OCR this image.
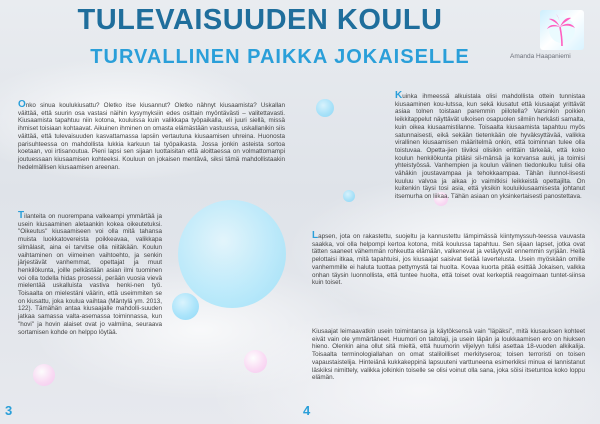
TULEVAISUUDEN KOULU
TURVALLINEN PAIKKA JOKAISELLE	Amanda Haapaniemi
Onko sinua koulukiusattu? Oletko itse kiusannut? Oletko nähnyt kiusaamista? Uskallan väittää, että suurin osa vastasi näihin kysymyksiin edes osittain myöntävästi – valitettavasti. Kiusaamista tapahtuu niin kotona, kouluissa kuin valikkapa työpaikalla, eli juuri siellä, missä ihmiset toisiaan kohtaavat. Aikuinen ihminen on omasta elämästään vastuussa, uskallanikin siis väittää, että tulevaisuuden kasvattamassa lapsiin vertautuna kiusaamisen uhreina. Huonosta parisuhteessa on mahdollista lukkia karkuun tai työpaikasta. Jossa jonkin asteista sortoa koetaan, voi irtisanoutua. Pieni lapsi sen sijaan luottaisitan että aloittaessa on volmattomampi joutuessaan kiusaamisen kohteeksi. Kouluun on jokaisen mentävä, siksi tämä mahdollistaakin hedelmällisen kiusaamisen areenan.
Tilanteita on nuorempana valkeampi ymmärtää ja usein kiusaaminen aletaankin kokea oikeutetuksi. "Oikeutus" kiusaamiseen voi olla mitä tahansa muista luokkatovereista poikkeavaa, valikkapa silmälasit, aina ei tarvitse olla niitäkään. Koulun vaihtaminen on viimeinen vaihtoehto, ja senkin järjestävät vanhemmat, opettajat ja muut henkilökunta, joille pelkästään asian ilmi tuominen voi olla todella hidas prosessi, perään vuosia vievä mielentää uskalluista vastiva henki-nen työ. Toisaalta on mielestäni väärin, että useimmiten se on kiusattu, joka koulua vaihtaa (Mäntylä ym. 2013, 122). Tämähän antaa kiusaajalle mahdolli-suuden jatkaa samassa valta-asemassa toiminnassa, kun "hovi" ja hovin alaiset ovat jo valmiina, seuraava sortamisen kohde on helppo löytää.
3
Kuinka ihmeessä alkuistala olisi mahdollista ottein tunnistaa kiusaaminen kou-lutssa, kun sekä kiusatut että kiusaajat yrittävät asiaa tolnen toistaan paremmin piilotella? Varsinkin poikien leikkitappelut näyttävät ulkoisen osapuolen silmiin herkästi samalta, kuin oikea kiusaamistilanne. Toisaalta kiusaamista tapahtuu myös satunnaisesti, eikä sekään tietenkään ole hyväksyttävää, valikka virallinen kiusaamisen määritelmä onkin, että toiminnan tulee olla toistuvaa. Opetta-jien tiiviksi olisikin erittäin tärkeää, että koko koulun henkilökunta pitäisi sil-mänsä ja korvansa auki, ja toimisi yhteistyössä. Vanhempien ja koulun välinen tiedonkulku tulisi olla vähäkin joustavampaa ja tehokkaampaa. Tähän ilunnol-lisesti kuuluu valvoa ja aikaa jo vaimitkisi leikkeistä opettajilta. On kuitenkin täysi tosi asia, että yksikin kouluikiusaamisesta johtanut itsemurha on liikaa. Tähän asiaan on yksinkertaisesti panostettava.
Lapsen, jota on rakastettu, suojeltu ja kannustettu lämpimässä kiintymyssuh-teessa vauvasta saakka, voi olla helpompi kertoa kotona, mitä koulussa tapahtuu. Sen sijaan lapset, jotka ovat tätten saaneet vähemmän rohkeutta elämään, valkenevat ja vetäytyvät ennemmin syrjään. Heitä pelottaisi itkaa, mitä tapahtuisi, jos kiusaajat saisivat tietää lavertelusta. Usein myöskään omille vanhemmille ei haluta tuottaa pettymystä tai huolta. Kovaa kuorta pitää esittää Jokaisen, valkka onhan täysin luonnollista, että tuntee huolta, että toiset ovat kerkeptiä reagoimaan tuntet-siinsa kuin toiset.
Kiusaajat leimaavatkin usein toimintansa ja käytöksensä vain "läpäksi", mitä kiusauksen kohteet eivät vain ole ymmärtäneet. Huumori on taitolaji, ja usein läpän ja loukkaamisen ero on hiuksen hieno. Olenkin aina ollut sitä mieltä, että huumorin viljelyyn tulisi asettaa 18-vuoden alkikalija. Toisaalta terminologiallahan on omat staliloilliset merkityseroa; toisen terroristi on toisen vapaustaistelija. Hinteiänä kukkakeppinä lapsuuteni varttuneena esimerkiksi minua ei lannistanut läskiksi nimittely, valikka jolkinkin toiselle se olisi voinut olla sana, joka söisi itsetuntoa koko loppu elämän.
4
